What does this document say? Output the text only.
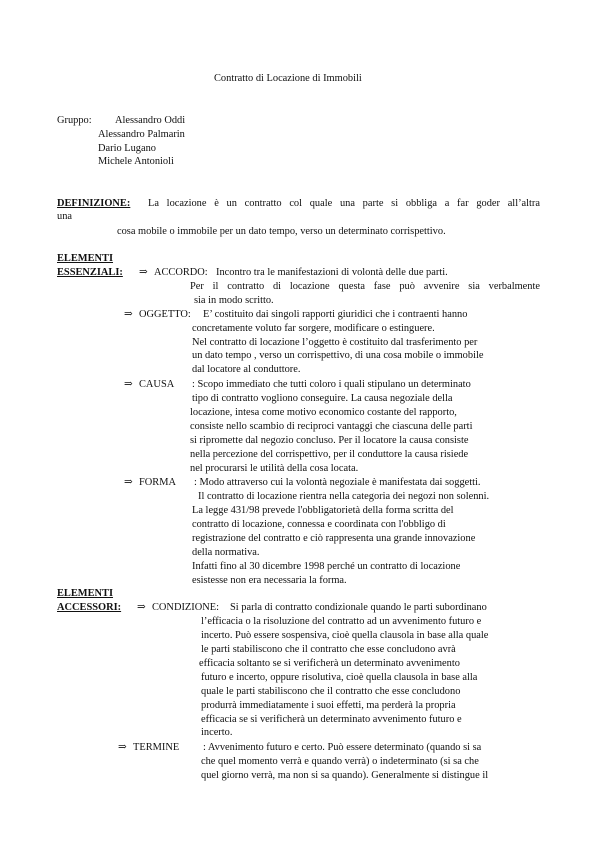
Contratto di Locazione di Immobili
Gruppo: Alessandro Oddi
Alessandro Palmarin
Dario Lugano
Michele Antonioli
DEFINIZIONE: La locazione è un contratto col quale una parte si obbliga a far goder all’altra
una
cosa mobile o immobile per un dato tempo, verso un determinato corrispettivo.
ELEMENTI
ESSENZIALI: ⇒ ACCORDO: Incontro tra le manifestazioni di volontà delle due parti.
Per il contratto di locazione questa fase può avvenire sia verbalmente
sia in modo scritto.
⇒ OGGETTO: E’ costituito dai singoli rapporti giuridici che i contraenti hanno
concretamente voluto far sorgere, modificare o estinguere.
Nel contratto di locazione l’oggetto è costituito dal trasferimento per
un dato tempo , verso un corrispettivo, di una cosa mobile o immobile
dal locatore al conduttore.
⇒ CAUSA : Scopo immediato che tutti coloro i quali stipulano un determinato
tipo di contratto vogliono conseguire. La causa negoziale della
locazione, intesa come motivo economico costante del rapporto,
consiste nello scambio di reciproci vantaggi che ciascuna delle parti
si ripromette dal negozio concluso. Per il locatore la causa consiste
nella percezione del corrispettivo, per il conduttore la causa risiede
nel procurarsi le utilità della cosa locata.
⇒ FORMA : Modo attraverso cui la volontà negoziale è manifestata dai soggetti.
Il contratto di locazione rientra nella categoria dei negozi non solenni.
La legge 431/98 prevede l'obbligatorietà della forma scritta del
contratto di locazione, connessa e coordinata con l'obbligo di
registrazione del contratto e ciò rappresenta una grande innovazione
della normativa.
Infatti fino al 30 dicembre 1998 perché un contratto di locazione
esistesse non era necessaria la forma.
ELEMENTI
ACCESSORI: ⇒ CONDIZIONE: Si parla di contratto condizionale quando le parti subordinano
l’efficacia o la risoluzione del contratto ad un avvenimento futuro e
incerto. Può essere sospensiva, cioè quella clausola in base alla quale
le parti stabiliscono che il contratto che esse concludono avrà
efficacia soltanto se si verificherà un determinato avvenimento
futuro e incerto, oppure risolutiva, cioè quella clausola in base alla
quale le parti stabiliscono che il contratto che esse concludono
produrrà immediatamente i suoi effetti, ma perderà la propria
efficacia se si verificherà un determinato avvenimento futuro e
incerto.
⇒ TERMINE : Avvenimento futuro e certo. Può essere determinato (quando si sa
che quel momento verrà e quando verrà) o indeterminato (si sa che
quel giorno verrà, ma non si sa quando). Generalmente si distingue il
